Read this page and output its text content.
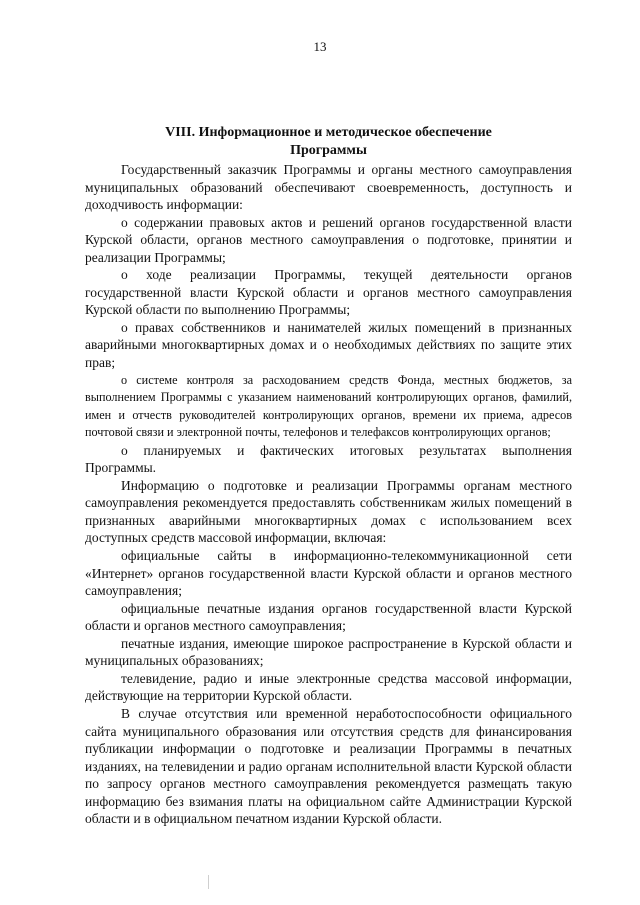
13
VIII. Информационное и методическое обеспечение
Программы

Государственный заказчик Программы и органы местного самоуправления муниципальных образований обеспечивают своевременность, доступность и доходчивость информации:

о содержании правовых актов и решений органов государственной власти Курской области, органов местного самоуправления о подготовке, принятии и реализации Программы;

о ходе реализации Программы, текущей деятельности органов государственной власти Курской области и органов местного самоуправления Курской области по выполнению Программы;

о правах собственников и нанимателей жилых помещений в признанных аварийными многоквартирных домах и о необходимых действиях по защите этих прав;

о системе контроля за расходованием средств Фонда, местных бюджетов, за выполнением Программы с указанием наименований контролирующих органов, фамилий, имен и отчеств руководителей контролирующих органов, времени их приема, адресов почтовой связи и электронной почты, телефонов и телефаксов контролирующих органов;

о планируемых и фактических итоговых результатах выполнения Программы.

Информацию о подготовке и реализации Программы органам местного самоуправления рекомендуется предоставлять собственникам жилых помещений в признанных аварийными многоквартирных домах с использованием всех доступных средств массовой информации, включая:

официальные сайты в информационно-телекоммуникационной сети «Интернет» органов государственной власти Курской области и органов местного самоуправления;

официальные печатные издания органов государственной власти Курской области и органов местного самоуправления;

печатные издания, имеющие широкое распространение в Курской области и муниципальных образованиях;

телевидение, радио и иные электронные средства массовой информации, действующие на территории Курской области.

В случае отсутствия или временной неработоспособности официального сайта муниципального образования или отсутствия средств для финансирования публикации информации о подготовке и реализации Программы в печатных изданиях, на телевидении и радио органам исполнительной власти Курской области по запросу органов местного самоуправления рекомендуется размещать такую информацию без взимания платы на официальном сайте Администрации Курской области и в официальном печатном издании Курской области.
